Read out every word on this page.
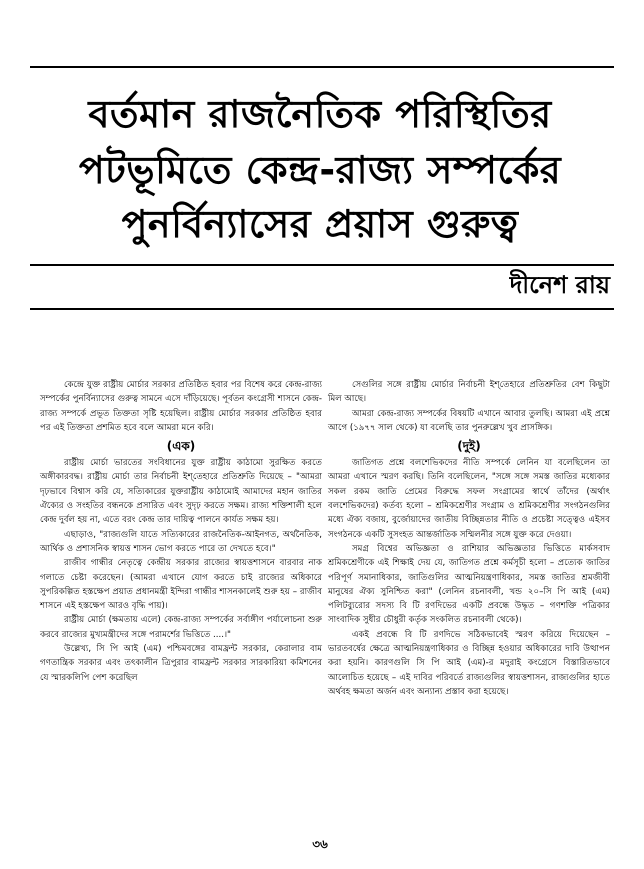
বর্তমান রাজনৈতিক পরিস্থিতির
পটভূমিতে কেন্দ্র-রাজ্য সম্পর্কের
পুনর্বিন্যাসের প্রয়াস গুরুত্ব
দীনেশ রায়

কেন্দ্রে যুক্ত রাষ্ট্রীয় মোর্চার সরকার প্রতিষ্ঠিত হবার পর বিশেষ করে কেন্দ্র-রাজ্য সম্পর্কের পুনর্বিন্যাসের গুরুত্ব সামনে এসে দাঁড়িয়েছে। পূর্বতন কংগ্রেসী শাসনে কেন্দ্র-রাজ্য সম্পর্কে প্রভূত তিক্ততা সৃষ্টি হয়েছিল। রাষ্ট্রীয় মোর্চার সরকার প্রতিষ্ঠিত হবার পর এই তিক্ততা প্রশমিত হবে বলে আমরা মনে করি।

(এক)

রাষ্ট্রীয় মোর্চা ভারতের সংবিধানের যুক্ত রাষ্ট্রীয় কাঠামো সুরক্ষিত করতে অঙ্গীকারবদ্ধ। রাষ্ট্রীয় মোর্চা তার নির্বাচনী ইশ্‌তেহারে প্রতিশ্রুতি দিয়েছে – "আমরা দৃঢ়ভাবে বিশ্বাস করি যে, সত্যিকারের যুক্তরাষ্ট্রীয় কাঠামোই আমাদের মহান জাতির ঐক্যের ও সংহতির বন্ধনকে প্রসারিত এবং সুদৃঢ় করতে সক্ষম। রাজ্য শক্তিশালী হলে কেন্দ্র দুর্বল হয় না, এতে বরং কেন্দ্র তার দায়িত্ব পালনে কার্যত সক্ষম হয়।

এছাড়াও, "রাজ্যগুলি যাতে সত্যিকারের রাজনৈতিক-আইনগত, অর্থনৈতিক, আর্থিক ও প্রশাসনিক স্বায়ত্ত শাসন ভোগ করতে পারে তা দেখতে হবে।"

রাজীব গান্ধীর নেতৃত্বে কেন্দ্রীয় সরকার রাজ্যের স্বায়ত্তশাসনে বারবার নাক গলাতে চেষ্টা করেছেন। (আমরা এখানে যোগ করতে চাই রাজ্যের অধিকারে সুপরিকল্পিত হস্তক্ষেপ প্রয়াত প্রধানমন্ত্রী ইন্দিরা গান্ধীর শাসনকালেই শুরু হয় – রাজীব শাসনে এই হস্তক্ষেপ আরও বৃদ্ধি পায়)।

রাষ্ট্রীয় মোর্চা (ক্ষমতায় এলে) কেন্দ্র-রাজ্য সম্পর্কের সর্বাঙ্গীণ পর্যালোচনা শুরু করবে রাজ্যের মুখ্যমন্ত্রীদের সঙ্গে পরামর্শের ভিত্তিতে ....।"

উল্লেখ্য, সি পি আই (এম) পশ্চিমবঙ্গের বামফ্রন্ট সরকার, কেরালার বাম গণতান্ত্রিক সরকার এবং তৎকালীন ত্রিপুরার বামফ্রন্ট সরকার সারকারিয়া কমিশনের যে স্মারকলিপি পেশ করেছিল

সেগুলির সঙ্গে রাষ্ট্রীয় মোর্চার নির্বাচনী ইশ্‌তেহারে প্রতিশ্রুতির বেশ কিছুটা মিল আছে।

আমরা কেন্দ্র-রাজ্য সম্পর্কের বিষয়টি এখানে আবার তুলছি। আমরা এই প্রশ্নে আগে (১৯৭৭ সাল থেকে) যা বলেছি তার পুনরুল্লেখ খুব প্রাসঙ্গিক।

(দুই)

জাতিগত প্রশ্নে বলশেভিকদের নীতি সম্পর্কে লেনিন যা বলেছিলেন তা আমরা এখানে স্মরণ করছি। তিনি বলেছিলেন, "সঙ্গে সঙ্গে সমস্ত জাতির মধ্যেকার সকল রকম জাতি প্রেমের বিরুদ্ধে সফল সংগ্রামের স্বার্থে তাঁদের (অর্থাৎ বলশেভিকদের) কর্তব্য হলো – শ্রমিকশ্রেণীর সংগ্রাম ও শ্রমিকশ্রেণীর সংগঠনগুলির মধ্যে ঐক্য বজায়, বুর্জোয়াদের জাতীয় বিচ্ছিন্নতার নীতি ও প্রচেষ্টা সত্ত্বেও এইসব সংগঠনকে একটি সুসংহত আন্তর্জাতিক সম্মিলনীর সঙ্গে যুক্ত করে দেওয়া।

সমগ্র বিশ্বের অভিজ্ঞতা ও রাশিয়ার অভিজ্ঞতার ভিত্তিতে মার্কসবাদ শ্রমিকশ্রেণীকে এই শিক্ষাই দেয় যে, জাতিগত প্রশ্নে কর্মসূচী হলো – প্রত্যেক জাতির পরিপূর্ণ সমানাধিকার, জাতিগুলির আত্মনিয়ন্ত্রণাধিকার, সমস্ত জাতির শ্রমজীবী মানুষের ঐক্য সুনিশ্চিত করা" (লেনিন রচনাবলী, খন্ড ২০–সি পি আই (এম) পলিটব্যুরোর সদস্য বি টি রণদিভের একটি প্রবন্ধে উদ্ধৃত – গণশক্তি পত্রিকার সাংবাদিক সুধীর চৌধুরী কর্তৃক সংকলিত রচনাবলী থেকে)।

একই প্রবন্ধে বি টি রণদিভে সঠিকভাবেই স্মরণ করিয়ে দিয়েছেন – ভারতবর্ষের ক্ষেত্রে আত্মনিয়ন্ত্রণাধিকার ও বিচ্ছিন্ন হওয়ার অধিকারের দাবি উত্থাপন করা হয়নি। কারণগুলি সি পি আই (এম)-র মদুরাই কংগ্রেসে বিস্তারিতভাবে আলোচিত হয়েছে – এই দাবির পরিবর্তে রাজ্যগুলির স্বায়ত্তশাসন, রাজ্যগুলির হাতে অর্থবহ ক্ষমতা অর্জন এবং অন্যান্য প্রস্তাব করা হয়েছে।

৩৬
